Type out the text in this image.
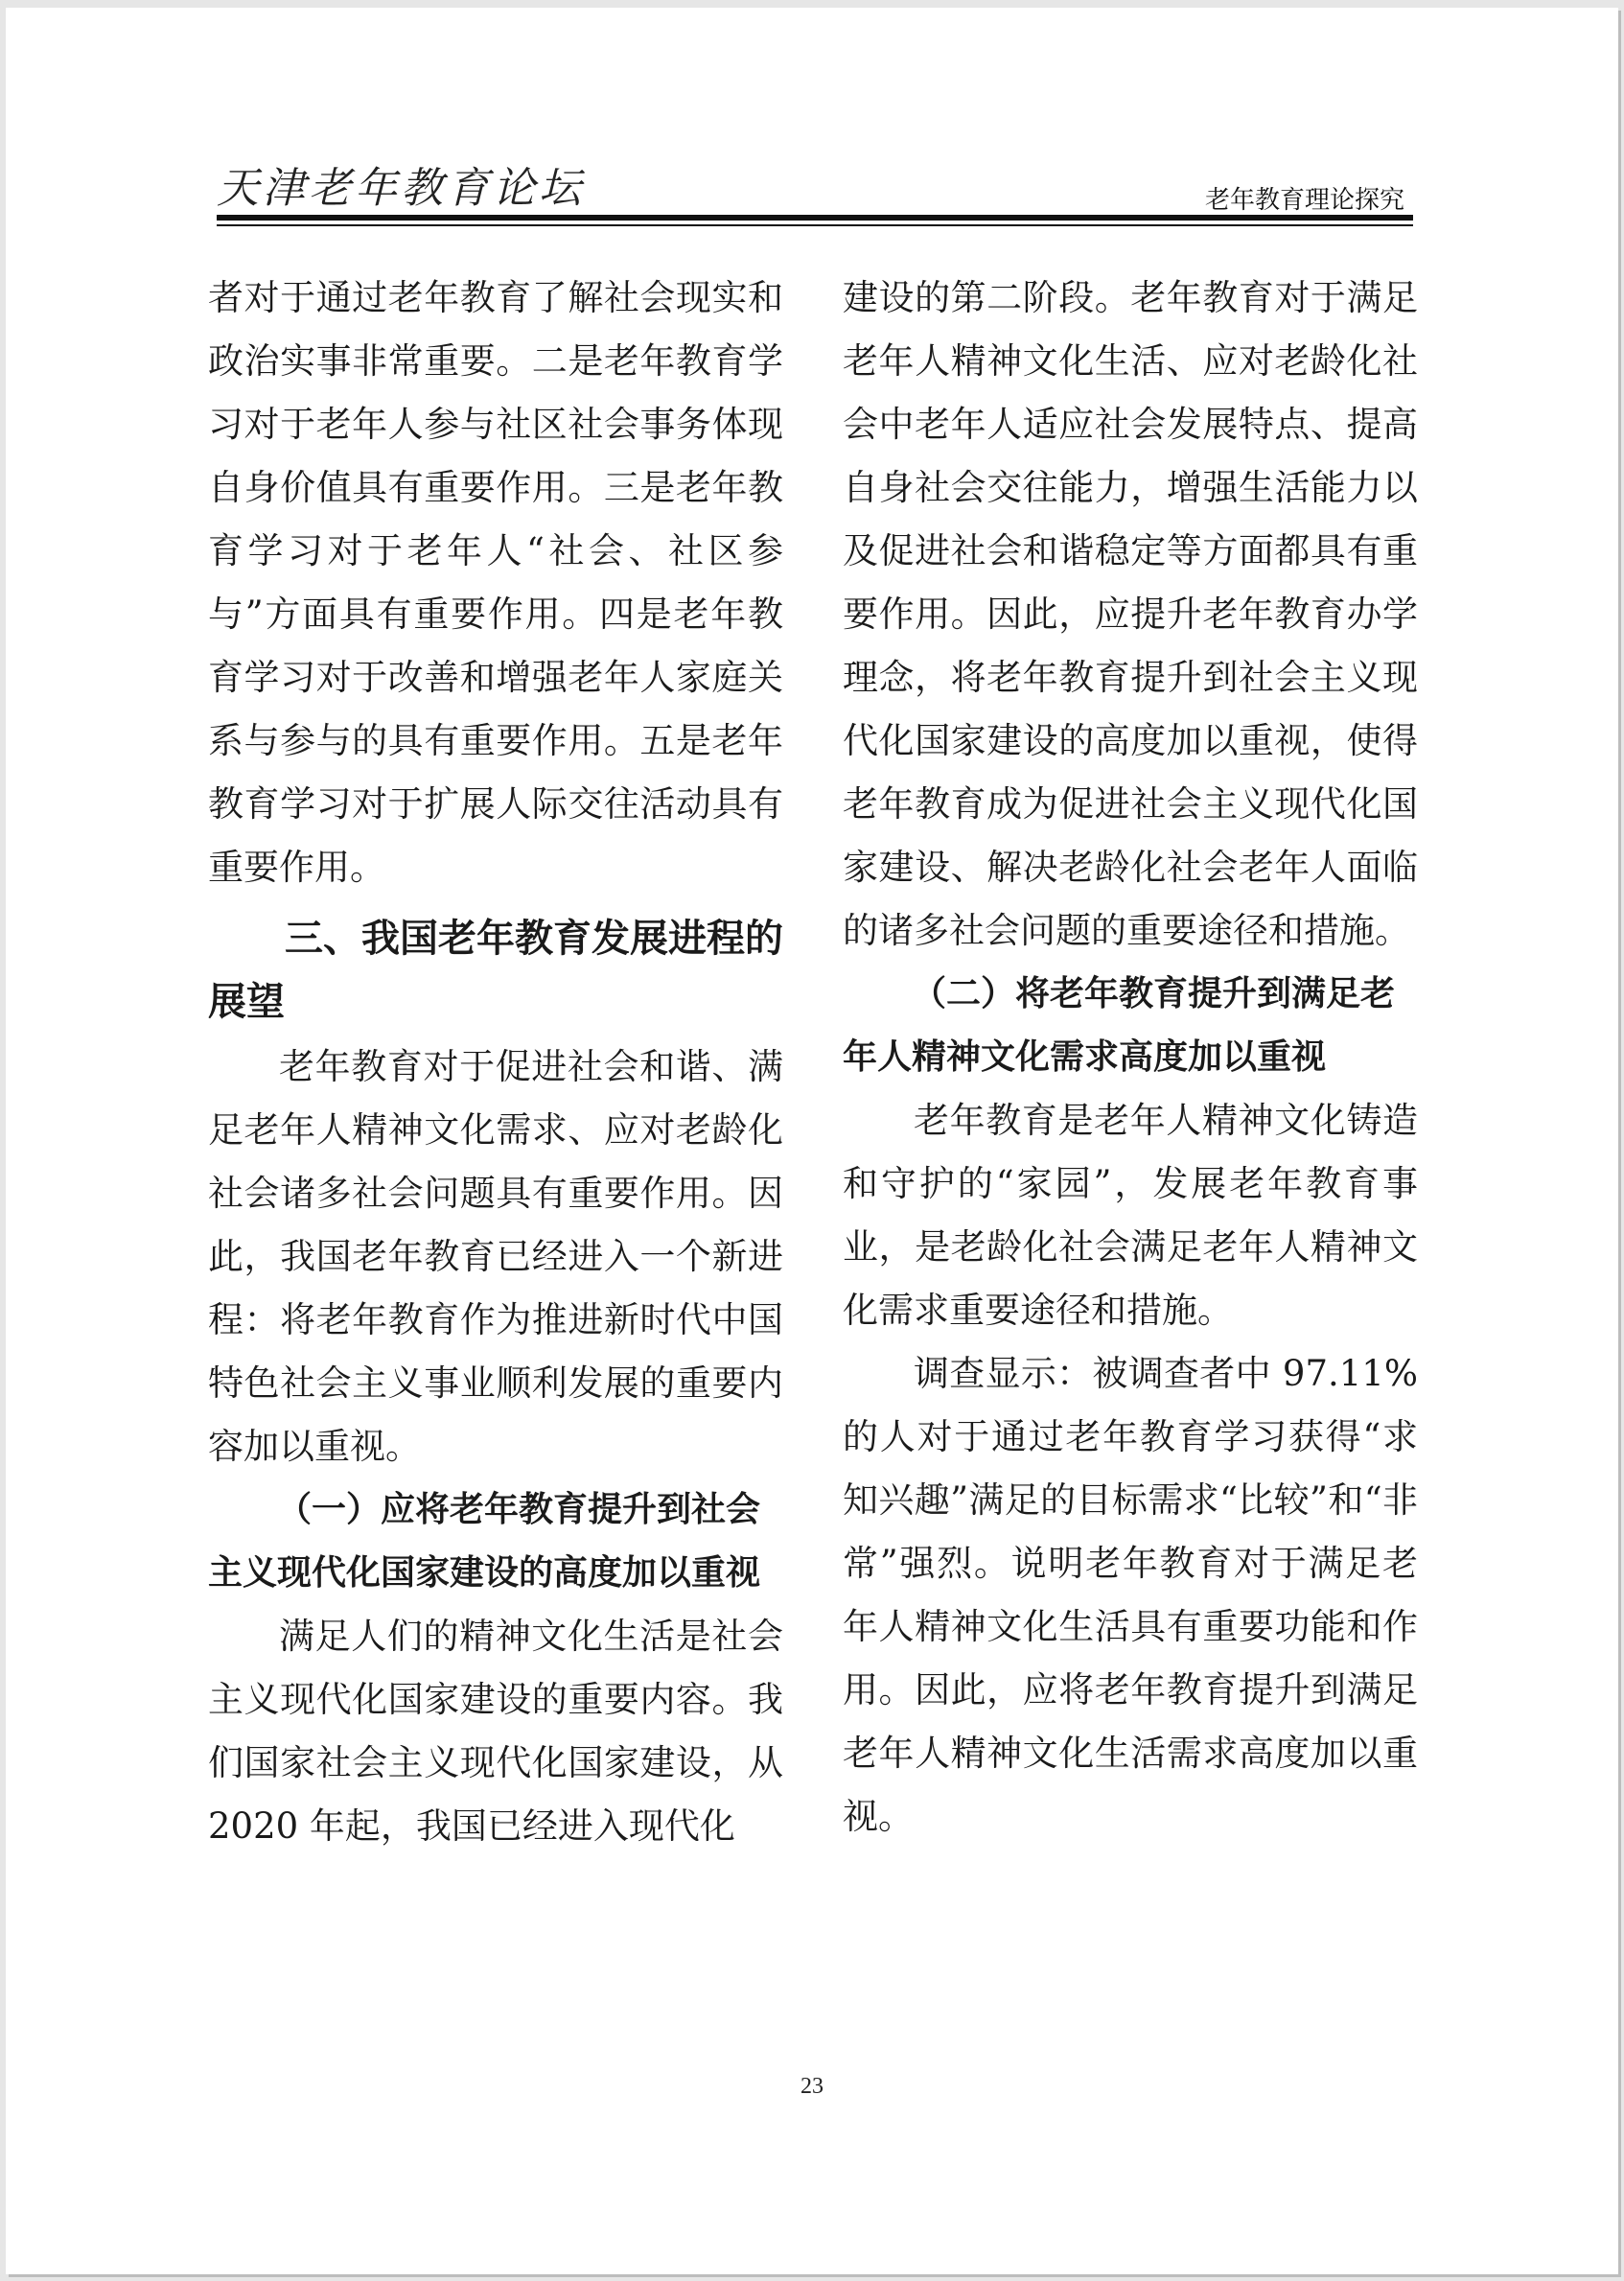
天津老年教育论坛	老年教育理论探究

者对于通过老年教育了解社会现实和政治实事非常重要。二是老年教育学习对于老年人参与社区社会事务体现自身价值具有重要作用。三是老年教育学习对于老年人“社会、社区参与”方面具有重要作用。四是老年教育学习对于改善和增强老年人家庭关系与参与的具有重要作用。五是老年教育学习对于扩展人际交往活动具有重要作用。

三、我国老年教育发展进程的展望

老年教育对于促进社会和谐、满足老年人精神文化需求、应对老龄化社会诸多社会问题具有重要作用。因此，我国老年教育已经进入一个新进程：将老年教育作为推进新时代中国特色社会主义事业顺利发展的重要内容加以重视。

（一）应将老年教育提升到社会主义现代化国家建设的高度加以重视

满足人们的精神文化生活是社会主义现代化国家建设的重要内容。我们国家社会主义现代化国家建设，从 2020 年起，我国已经进入现代化

建设的第二阶段。老年教育对于满足老年人精神文化生活、应对老龄化社会中老年人适应社会发展特点、提高自身社会交往能力，增强生活能力以及促进社会和谐稳定等方面都具有重要作用。因此，应提升老年教育办学理念，将老年教育提升到社会主义现代化国家建设的高度加以重视，使得老年教育成为促进社会主义现代化国家建设、解决老龄化社会老年人面临的诸多社会问题的重要途径和措施。

（二）将老年教育提升到满足老年人精神文化需求高度加以重视

老年教育是老年人精神文化铸造和守护的“家园”，发展老年教育事业，是老龄化社会满足老年人精神文化需求重要途径和措施。

调查显示：被调查者中 97.11%的人对于通过老年教育学习获得“求知兴趣”满足的目标需求“比较”和“非常”强烈。说明老年教育对于满足老年人精神文化生活具有重要功能和作用。因此，应将老年教育提升到满足老年人精神文化生活需求高度加以重视。

23
